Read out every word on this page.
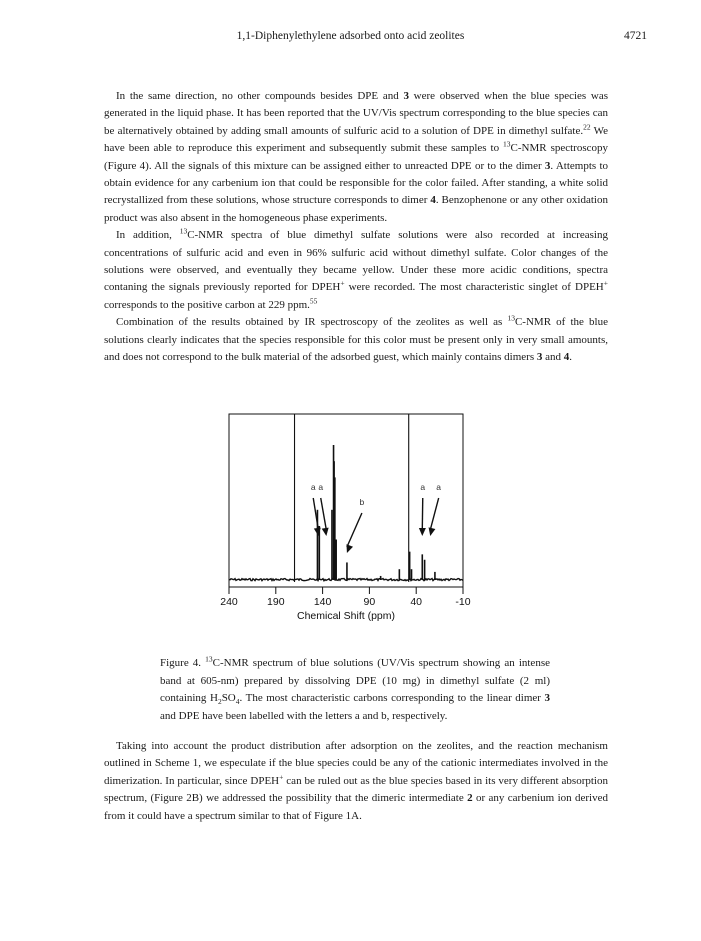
1,1-Diphenylethylene adsorbed onto acid zeolites	4721

In the same direction, no other compounds besides DPE and 3 were observed when the blue species was generated in the liquid phase. It has been reported that the UV/Vis spectrum corresponding to the blue species can be alternatively obtained by adding small amounts of sulfuric acid to a solution of DPE in dimethyl sulfate.$^{22}$ We have been able to reproduce this experiment and subsequently submit these samples to $^{13}$C-NMR spectroscopy (Figure 4). All the signals of this mixture can be assigned either to unreacted DPE or to the dimer 3. Attempts to obtain evidence for any carbenium ion that could be responsible for the color failed. After standing, a white solid recrystallized from these solutions, whose structure corresponds to dimer 4. Benzophenone or any other oxidation product was also absent in the homogeneous phase experiments.

In addition, $^{13}$C-NMR spectra of blue dimethyl sulfate solutions were also recorded at increasing concentrations of sulfuric acid and even in 96% sulfuric acid without dimethyl sulfate. Color changes of the solutions were observed, and eventually they became yellow. Under these more acidic conditions, spectra contaning the signals previously reported for DPEH+ were recorded. The most characteristic singlet of DPEH+ corresponds to the positive carbon at 229 ppm.$^{55}$

Combination of the results obtained by IR spectroscopy of the zeolites as well as $^{13}$C-NMR of the blue solutions clearly indicates that the species responsible for this color must be present only in very small amounts, and does not correspond to the bulk material of the adsorbed guest, which mainly contains dimers 3 and 4.

a a
b
a a
240	190	140	90	40	-10
Chemical Shift (ppm)
Figure 4. $^{13}$C-NMR spectrum of blue solutions (UV/Vis spectrum showing an intense band at 605-nm) prepared by dissolving DPE (10 mg) in dimethyl sulfate (2 ml) containing $H_2SO_4$. The most characteristic carbons corresponding to the linear dimer 3 and DPE have been labelled with the letters a and b, respectively.

Taking into account the product distribution after adsorption on the zeolites, and the reaction mechanism outlined in Scheme 1, we especulate if the blue species could be any of the cationic intermediates involved in the dimerization. In particular, since DPEH+ can be ruled out as the blue species based in its very different absorption spectrum, (Figure 2B) we addressed the possibility that the dimeric intermediate 2 or any carbenium ion derived from it could have a spectrum similar to that of Figure 1A.
